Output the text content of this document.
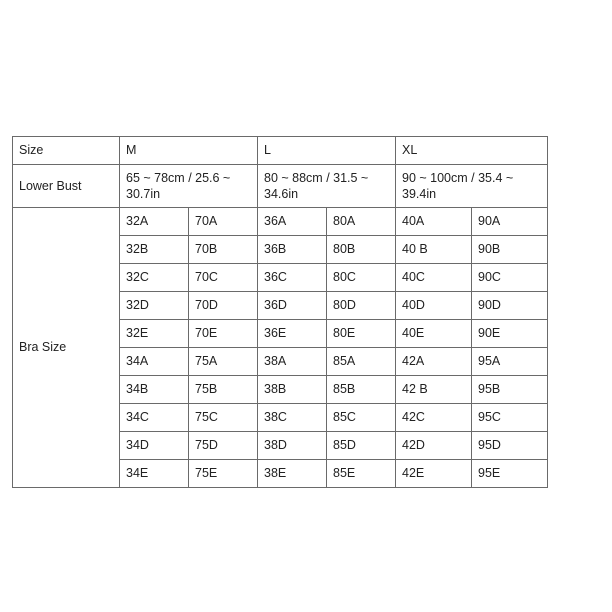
Size	M		L		XL	
Lower Bust	65 ~ 78cm / 25.6 ~ 30.7in		80 ~ 88cm / 31.5 ~ 34.6in		90 ~ 100cm / 35.4 ~ 39.4in	
Bra Size	32A	70A	36A	80A	40A	90A
	32B	70B	36B	80B	40 B	90B
	32C	70C	36C	80C	40C	90C
	32D	70D	36D	80D	40D	90D
	32E	70E	36E	80E	40E	90E
	34A	75A	38A	85A	42A	95A
	34B	75B	38B	85B	42 B	95B
	34C	75C	38C	85C	42C	95C
	34D	75D	38D	85D	42D	95D
	34E	75E	38E	85E	42E	95E
